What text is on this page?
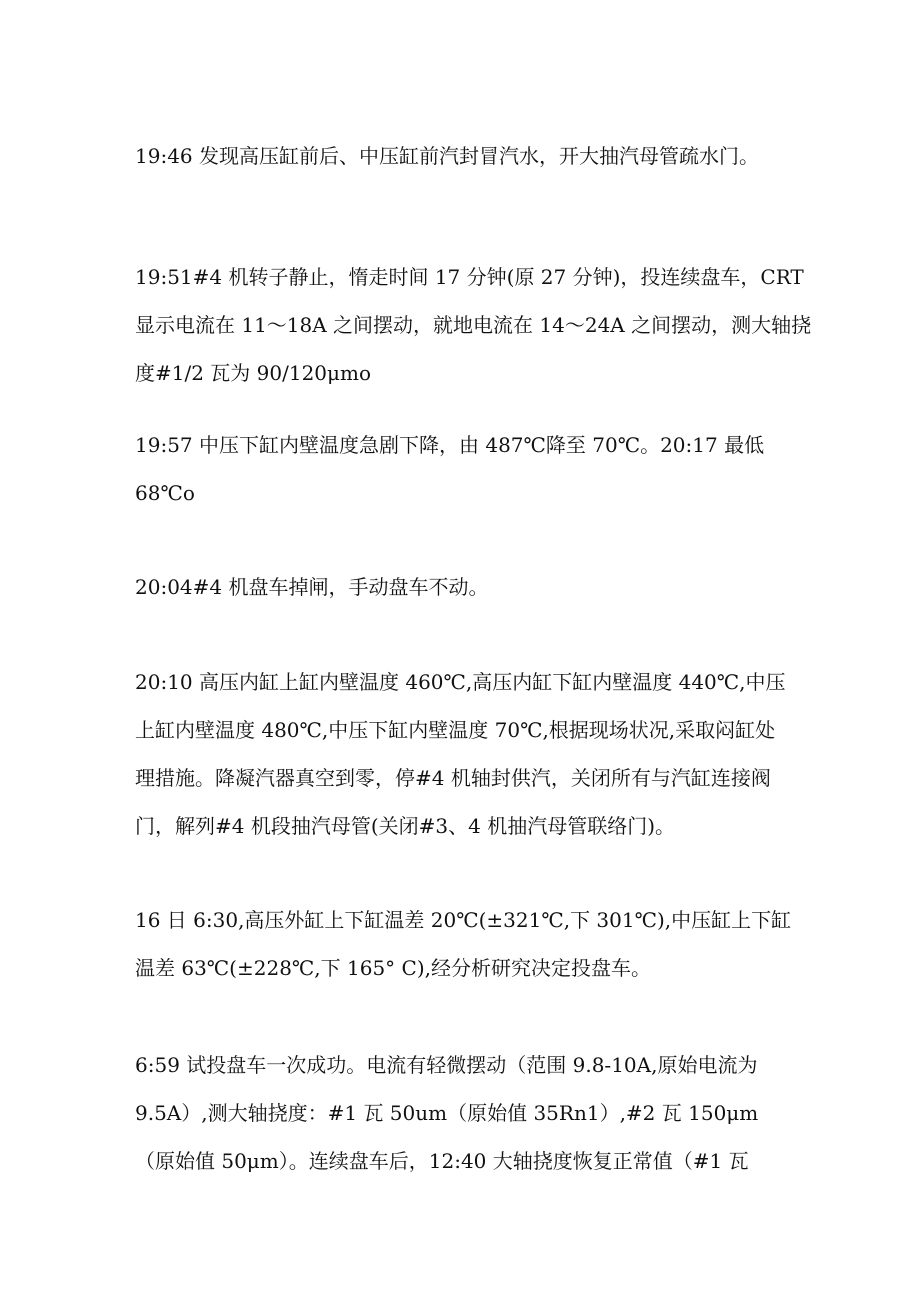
19:46 发现高压缸前后、中压缸前汽封冒汽水，开大抽汽母管疏水门。

19:51#4 机转子静止，惰走时间 17 分钟(原 27 分钟)，投连续盘车，CRT
显示电流在 11～18A 之间摆动，就地电流在 14～24A 之间摆动，测大轴挠
度#1/2 瓦为 90/120μmo

19:57 中压下缸内壁温度急剧下降，由 487℃降至 70℃。20:17 最低
68℃o

20:04#4 机盘车掉闸，手动盘车不动。

20:10 高压内缸上缸内壁温度 460℃,高压内缸下缸内壁温度 440℃,中压
上缸内壁温度 480℃,中压下缸内壁温度 70℃,根据现场状况,采取闷缸处
理措施。降凝汽器真空到零，停#4 机轴封供汽，关闭所有与汽缸连接阀
门，解列#4 机段抽汽母管(关闭#3、4 机抽汽母管联络门)。

16 日 6:30,高压外缸上下缸温差 20℃(±321℃,下 301℃),中压缸上下缸
温差 63℃(±228℃,下 165° C),经分析研究决定投盘车。

6:59 试投盘车一次成功。电流有轻微摆动（范围 9.8-10A,原始电流为
9.5A）,测大轴挠度：#1 瓦 50um（原始值 35Rn1）,#2 瓦 150μm
（原始值 50μm）。连续盘车后，12:40 大轴挠度恢复正常值（#1 瓦
